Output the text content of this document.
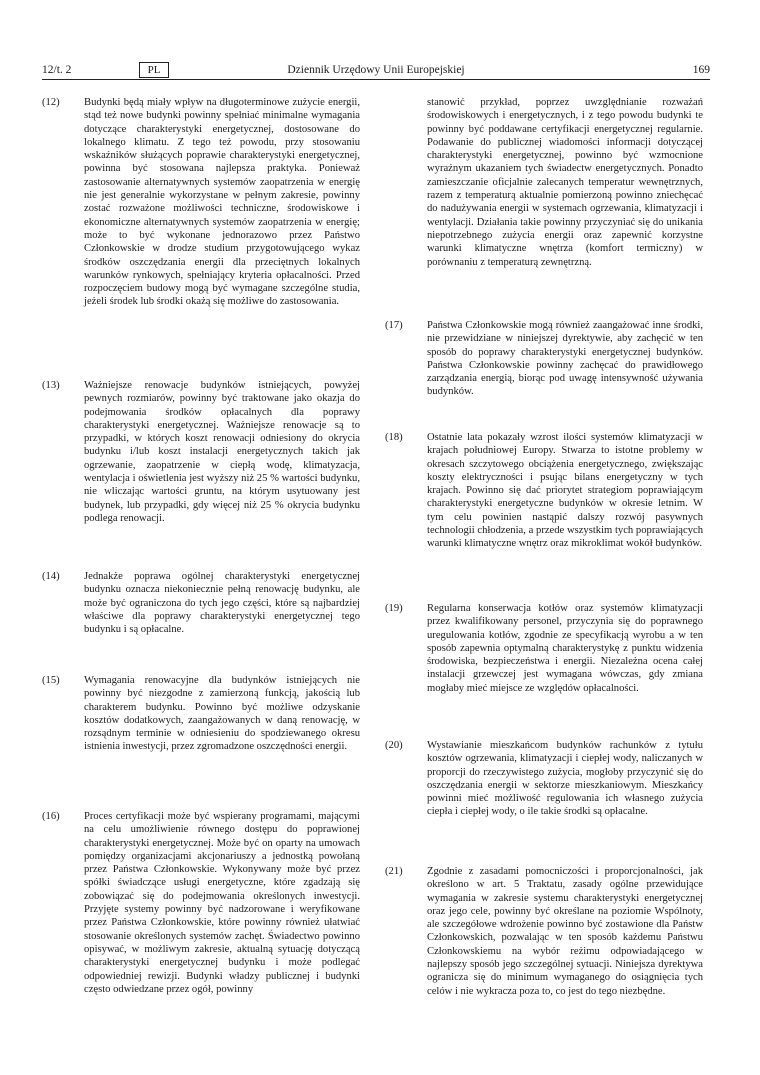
12/t. 2	PL	Dziennik Urzędowy Unii Europejskiej	169
(12)	Budynki będą miały wpływ na długoterminowe zużycie energii, stąd też nowe budynki powinny spełniać minimalne wymagania dotyczące charakterystyki energetycznej, dostosowane do lokalnego klimatu. Z tego też powodu, przy stosowaniu wskaźników służących poprawie charakterystyki energetycznej, powinna być stosowana najlepsza praktyka. Ponieważ zastosowanie alternatywnych systemów zaopatrzenia w energię nie jest generalnie wykorzystane w pełnym zakresie, powinny zostać rozważone możliwości techniczne, środowiskowe i ekonomiczne alternatywnych systemów zaopatrzenia w energię; może to być wykonane jednorazowo przez Państwo Członkowskie w drodze studium przygotowującego wykaz środków oszczędzania energii dla przeciętnych lokalnych warunków rynkowych, spełniający kryteria opłacalności. Przed rozpoczęciem budowy mogą być wymagane szczególne studia, jeżeli środek lub środki okażą się możliwe do zastosowania.
(13)	Ważniejsze renowacje budynków istniejących, powyżej pewnych rozmiarów, powinny być traktowane jako okazja do podejmowania środków opłacalnych dla poprawy charakterystyki energetycznej. Ważniejsze renowacje są to przypadki, w których koszt renowacji odniesiony do okrycia budynku i/lub koszt instalacji energetycznych takich jak ogrzewanie, zaopatrzenie w ciepłą wodę, klimatyzacja, wentylacja i oświetlenia jest wyższy niż 25 % wartości budynku, nie wliczając wartości gruntu, na którym usytuowany jest budynek, lub przypadki, gdy więcej niż 25 % okrycia budynku podlega renowacji.
(14)	Jednakże poprawa ogólnej charakterystyki energetycznej budynku oznacza niekoniecznie pełną renowację budynku, ale może być ograniczona do tych jego części, które są najbardziej właściwe dla poprawy charakterystyki energetycznej tego budynku i są opłacalne.
(15)	Wymagania renowacyjne dla budynków istniejących nie powinny być niezgodne z zamierzoną funkcją, jakością lub charakterem budynku. Powinno być możliwe odzyskanie kosztów dodatkowych, zaangażowanych w daną renowację, w rozsądnym terminie w odniesieniu do spodziewanego okresu istnienia inwestycji, przez zgromadzone oszczędności energii.
(16)	Proces certyfikacji może być wspierany programami, mającymi na celu umożliwienie równego dostępu do poprawionej charakterystyki energetycznej. Może być on oparty na umowach pomiędzy organizacjami akcjonariuszy a jednostką powołaną przez Państwa Członkowskie. Wykonywany może być przez spółki świadczące usługi energetyczne, które zgadzają się zobowiązać się do podejmowania określonych inwestycji. Przyjęte systemy powinny być nadzorowane i weryfikowane przez Państwa Członkowskie, które powinny również ułatwiać stosowanie określonych systemów zachęt. Świadectwo powinno opisywać, w możliwym zakresie, aktualną sytuację dotyczącą charakterystyki energetycznej budynku i może podlegać odpowiedniej rewizji. Budynki władzy publicznej i budynki często odwiedzane przez ogół, powinny
stanowić przykład, poprzez uwzględnianie rozważań środowiskowych i energetycznych, i z tego powodu budynki te powinny być poddawane certyfikacji energetycznej regularnie. Podawanie do publicznej wiadomości informacji dotyczącej charakterystyki energetycznej, powinno być wzmocnione wyraźnym ukazaniem tych świadectw energetycznych. Ponadto zamieszczanie oficjalnie zalecanych temperatur wewnętrznych, razem z temperaturą aktualnie pomierzoną powinno zniechęcać do nadużywania energii w systemach ogrzewania, klimatyzacji i wentylacji. Działania takie powinny przyczyniać się do unikania niepotrzebnego zużycia energii oraz zapewnić korzystne warunki klimatyczne wnętrza (komfort termiczny) w porównaniu z temperaturą zewnętrzną.
(17)	Państwa Członkowskie mogą również zaangażować inne środki, nie przewidziane w niniejszej dyrektywie, aby zachęcić w ten sposób do poprawy charakterystyki energetycznej budynków. Państwa Członkowskie powinny zachęcać do prawidłowego zarządzania energią, biorąc pod uwagę intensywność używania budynków.
(18)	Ostatnie lata pokazały wzrost ilości systemów klimatyzacji w krajach południowej Europy. Stwarza to istotne problemy w okresach szczytowego obciążenia energetycznego, zwiększając koszty elektryczności i psując bilans energetyczny w tych krajach. Powinno się dać priorytet strategiom poprawiającym charakterystyki energetyczne budynków w okresie letnim. W tym celu powinien nastąpić dalszy rozwój pasywnych technologii chłodzenia, a przede wszystkim tych poprawiających warunki klimatyczne wnętrz oraz mikroklimat wokół budynków.
(19)	Regularna konserwacja kotłów oraz systemów klimatyzacji przez kwalifikowany personel, przyczynia się do poprawnego uregulowania kotłów, zgodnie ze specyfikacją wyrobu a w ten sposób zapewnia optymalną charakterystykę z punktu widzenia środowiska, bezpieczeństwa i energii. Niezależna ocena całej instalacji grzewczej jest wymagana wówczas, gdy zmiana mogłaby mieć miejsce ze względów opłacalności.
(20)	Wystawianie mieszkańcom budynków rachunków z tytułu kosztów ogrzewania, klimatyzacji i ciepłej wody, naliczanych w proporcji do rzeczywistego zużycia, mogłoby przyczynić się do oszczędzania energii w sektorze mieszkaniowym. Mieszkańcy powinni mieć możliwość regulowania ich własnego zużycia ciepła i ciepłej wody, o ile takie środki są opłacalne.
(21)	Zgodnie z zasadami pomocniczości i proporcjonalności, jak określono w art. 5 Traktatu, zasady ogólne przewidujące wymagania w zakresie systemu charakterystyki energetycznej oraz jego cele, powinny być określane na poziomie Wspólnoty, ale szczegółowe wdrożenie powinno być zostawione dla Państw Członkowskich, pozwalając w ten sposób każdemu Państwu Członkowskiemu na wybór reżimu odpowiadającego w najlepszy sposób jego szczególnej sytuacji. Niniejsza dyrektywa ogranicza się do minimum wymaganego do osiągnięcia tych celów i nie wykracza poza to, co jest do tego niezbędne.
